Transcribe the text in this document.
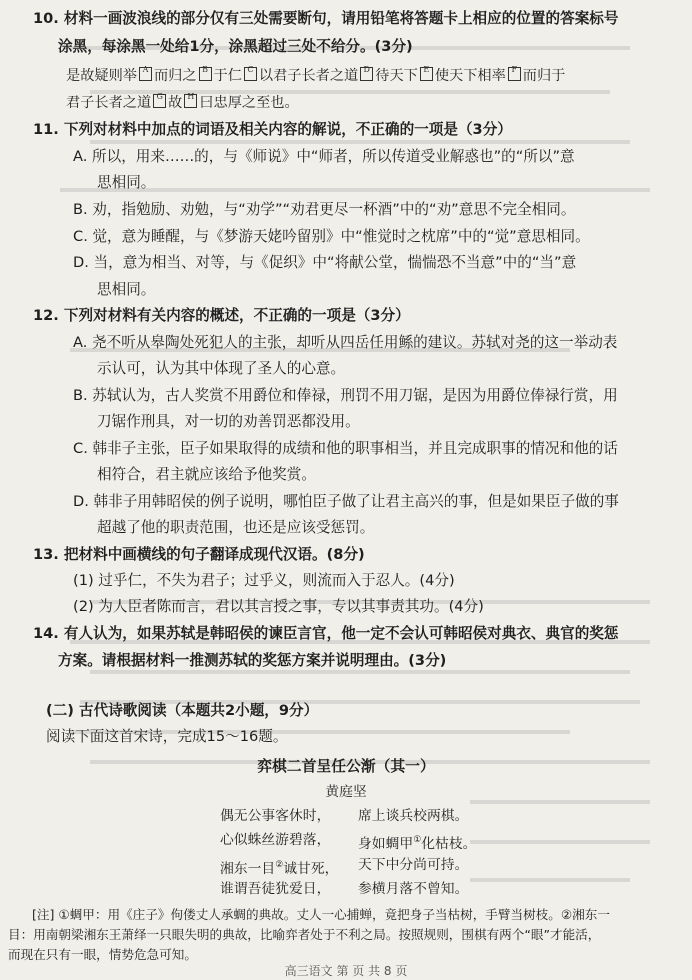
10. 材料一画波浪线的部分仅有三处需要断句，请用铅笔将答题卡上相应的位置的答案标号
涂黑，每涂黑一处给1分，涂黑超过三处不给分。(3分)
是故疑则举 A 而归之 B 于仁 C 以君子长者之道 D 待天下 E 使天下相率 F 而归于
君子长者之道 G 故 H 曰忠厚之至也。
11. 下列对材料中加点的词语及相关内容的解说，不正确的一项是（3分）
A. 所以，用来……的，与《师说》中“师者，所以传道受业解惑也”的“所以”意
思相同。
B. 劝，指勉励、劝勉，与“劝学”“劝君更尽一杯酒”中的“劝”意思不完全相同。
C. 觉，意为睡醒，与《梦游天姥吟留别》中“惟觉时之枕席”中的“觉”意思相同。
D. 当，意为相当、对等，与《促织》中“将献公堂，惴惴恐不当意”中的“当”意
思相同。
12. 下列对材料有关内容的概述，不正确的一项是（3分）
A. 尧不听从皋陶处死犯人的主张，却听从四岳任用鲧的建议。苏轼对尧的这一举动表
示认可，认为其中体现了圣人的心意。
B. 苏轼认为，古人奖赏不用爵位和俸禄，刑罚不用刀锯，是因为用爵位俸禄行赏，用
刀锯作刑具，对一切的劝善罚恶都没用。
C. 韩非子主张，臣子如果取得的成绩和他的职事相当，并且完成职事的情况和他的话
相符合，君主就应该给予他奖赏。
D. 韩非子用韩昭侯的例子说明，哪怕臣子做了让君主高兴的事，但是如果臣子做的事
超越了他的职责范围，也还是应该受惩罚。
13. 把材料中画横线的句子翻译成现代汉语。(8分)
(1) 过乎仁，不失为君子；过乎义，则流而入于忍人。(4分)
(2) 为人臣者陈而言，君以其言授之事，专以其事责其功。(4分)
14. 有人认为，如果苏轼是韩昭侯的谏臣言官，他一定不会认可韩昭侯对典衣、典官的奖惩
方案。请根据材料一推测苏轼的奖惩方案并说明理由。(3分)
(二) 古代诗歌阅读（本题共2小题，9分）
阅读下面这首宋诗，完成15～16题。
弈棋二首呈任公渐（其一）
黄庭坚
偶无公事客休时， 席上谈兵校两棋。
心似蛛丝游碧落， 身如蜩甲①化枯枝。
湘东一目②诚甘死， 天下中分尚可持。
谁谓吾徒犹爱日， 参横月落不曾知。
[注] ①蜩甲：用《庄子》佝偻丈人承蜩的典故。丈人一心捕蝉，竟把身子当枯树，手臂当树枝。②湘东一
目：用南朝梁湘东王萧绎一只眼失明的典故，比喻弈者处于不利之局。按照规则，围棋有两个“眼”才能活，
而现在只有一眼，情势危急可知。
高三语文 第 页 共 8 页
